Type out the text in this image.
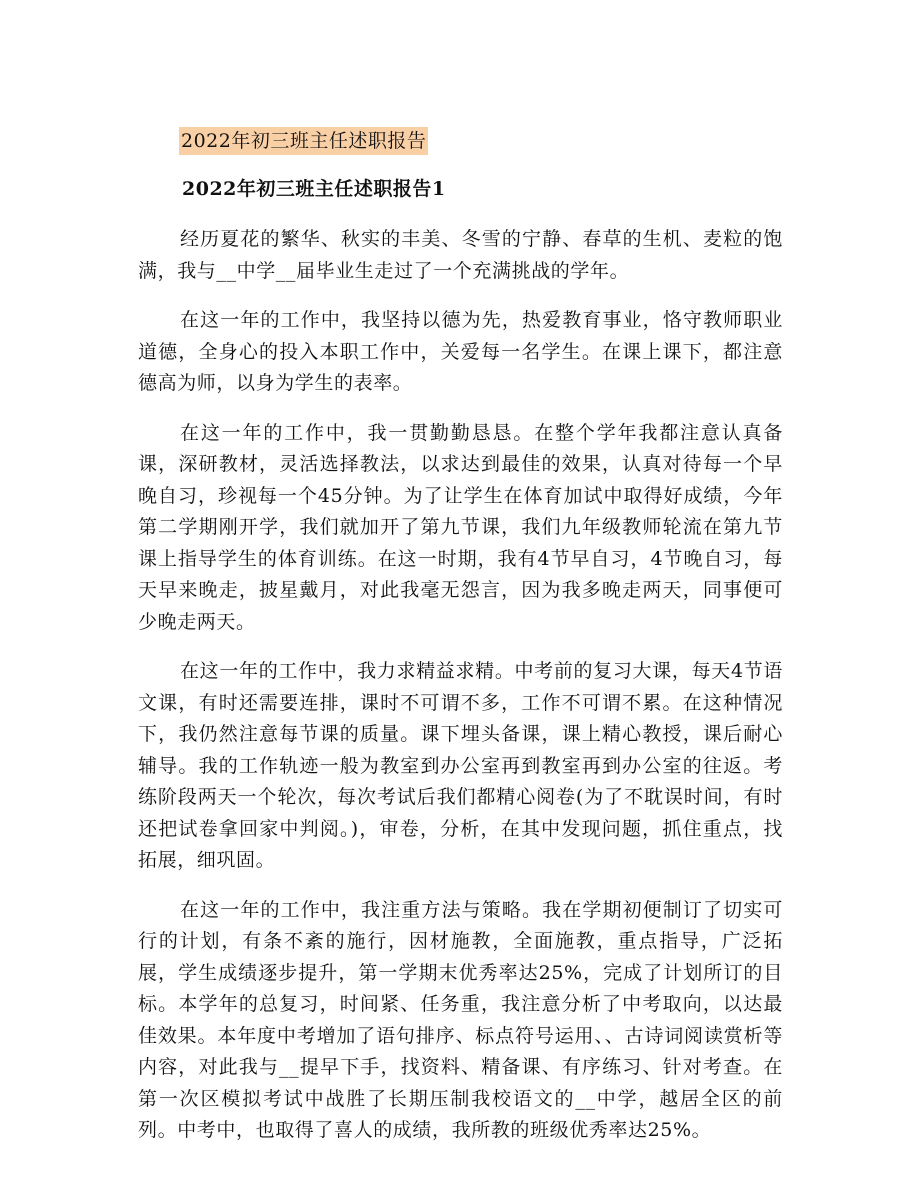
2022年初三班主任述职报告
2022年初三班主任述职报告1

经历夏花的繁华、秋实的丰美、冬雪的宁静、春草的生机、麦粒的饱满，我与__中学__届毕业生走过了一个充满挑战的学年。

在这一年的工作中，我坚持以德为先，热爱教育事业，恪守教师职业道德，全身心的投入本职工作中，关爱每一名学生。在课上课下，都注意德高为师，以身为学生的表率。

在这一年的工作中，我一贯勤勤恳恳。在整个学年我都注意认真备课，深研教材，灵活选择教法，以求达到最佳的效果，认真对待每一个早晚自习，珍视每一个45分钟。为了让学生在体育加试中取得好成绩，今年第二学期刚开学，我们就加开了第九节课，我们九年级教师轮流在第九节课上指导学生的体育训练。在这一时期，我有4节早自习，4节晚自习，每天早来晚走，披星戴月，对此我毫无怨言，因为我多晚走两天，同事便可少晚走两天。

在这一年的工作中，我力求精益求精。中考前的复习大课，每天4节语文课，有时还需要连排，课时不可谓不多，工作不可谓不累。在这种情况下，我仍然注意每节课的质量。课下埋头备课，课上精心教授，课后耐心辅导。我的工作轨迹一般为教室到办公室再到教室再到办公室的往返。考练阶段两天一个轮次，每次考试后我们都精心阅卷(为了不耽误时间，有时还把试卷拿回家中判阅。)，审卷，分析，在其中发现问题，抓住重点，找拓展，细巩固。

在这一年的工作中，我注重方法与策略。我在学期初便制订了切实可行的计划，有条不紊的施行，因材施教，全面施教，重点指导，广泛拓展，学生成绩逐步提升，第一学期末优秀率达25%，完成了计划所订的目标。本学年的总复习，时间紧、任务重，我注意分析了中考取向，以达最佳效果。本年度中考增加了语句排序、标点符号运用、、古诗词阅读赏析等内容，对此我与__提早下手，找资料、精备课、有序练习、针对考查。在第一次区模拟考试中战胜了长期压制我校语文的__中学，越居全区的前列。中考中，也取得了喜人的成绩，我所教的班级优秀率达25%。
